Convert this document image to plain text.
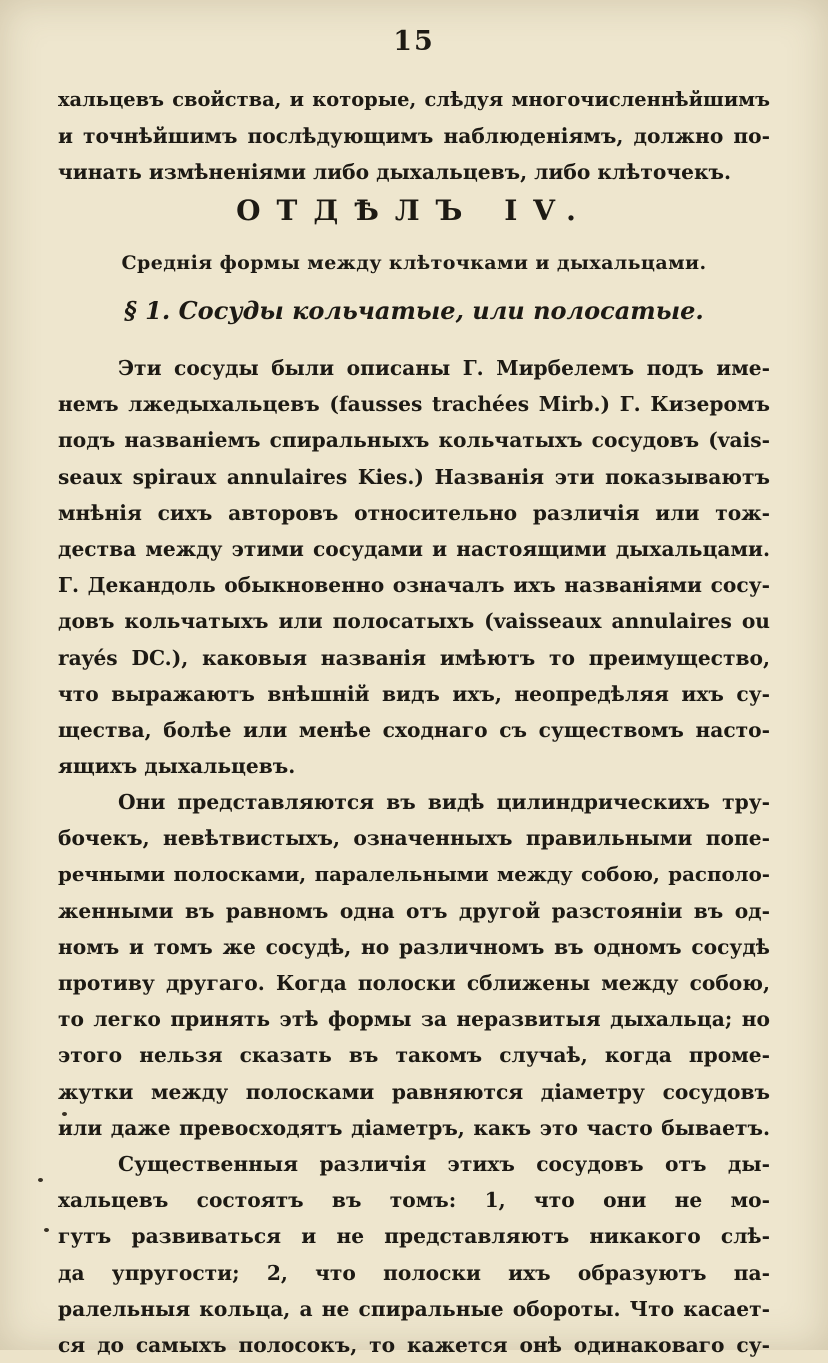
15
хальцевъ свойства, и которые, слѣдуя многочисленнѣйшимъ
и точнѣйшимъ послѣдующимъ наблюденіямъ, должно по-
чинать измѣненіями либо дыхальцевъ, либо клѣточекъ.
ОТДѢЛЪ IV.
Среднія формы между клѣточками и дыхальцами.
§ 1. Сосуды кольчатые, или полосатые.
Эти сосуды были описаны Г. Мирбелемъ подъ име-
немъ лжедыхальцевъ (fausses trachées Mirb.) Г. Кизеромъ
подъ названіемъ спиральныхъ кольчатыхъ сосудовъ (vais-
seaux spiraux annulaires Kies.) Названія эти показываютъ
мнѣнія сихъ авторовъ относительно различія или тож-
дества между этими сосудами и настоящими дыхальцами.
Г. Декандоль обыкновенно означалъ ихъ названіями сосу-
довъ кольчатыхъ или полосатыхъ (vaisseaux annulaires ou
rayés DC.), каковыя названія имѣютъ то преимущество,
что выражаютъ внѣшній видъ ихъ, неопредѣляя ихъ су-
щества, болѣе или менѣе сходнаго съ существомъ насто-
ящихъ дыхальцевъ.
Они представляются въ видѣ цилиндрическихъ тру-
бочекъ, невѣтвистыхъ, означенныхъ правильными попе-
речными полосками, паралельными между собою, располо-
женными въ равномъ одна отъ другой разстояніи въ од-
номъ и томъ же сосудѣ, но различномъ въ одномъ сосудѣ
противу другаго. Когда полоски сближены между собою,
то легко принять этѣ формы за неразвитыя дыхальца; но
этого нельзя сказать въ такомъ случаѣ, когда проме-
жутки между полосками равняются діаметру сосудовъ
или даже превосходятъ діаметръ, какъ это часто бываетъ.
Существенныя различія этихъ сосудовъ отъ ды-
хальцевъ состоятъ въ томъ: 1, что они не мо-
гутъ развиваться и не представляютъ никакого слѣ-
да упругости; 2, что полоски ихъ образуютъ па-
ралельныя кольца, а не спиральные обороты. Что касает-
ся до самыхъ полосокъ, то кажется онѣ одинаковаго су-
